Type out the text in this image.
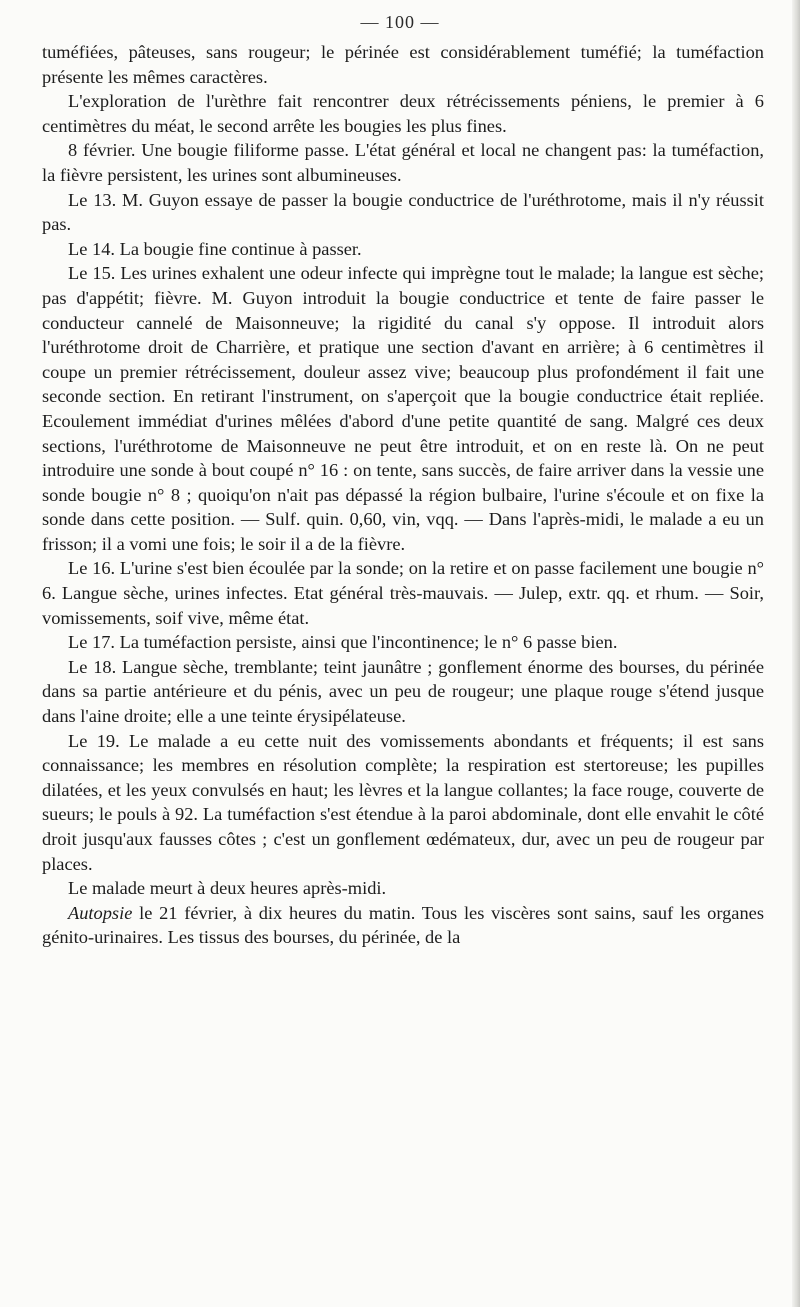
— 100 —

tuméfiées, pâteuses, sans rougeur; le périnée est considérablement tuméfié; la tuméfaction présente les mêmes caractères.

L'exploration de l'urèthre fait rencontrer deux rétrécissements péniens, le premier à 6 centimètres du méat, le second arrête les bougies les plus fines.

8 février. Une bougie filiforme passe. L'état général et local ne changent pas: la tuméfaction, la fièvre persistent, les urines sont albumineuses.

Le 13. M. Guyon essaye de passer la bougie conductrice de l'uréthrotome, mais il n'y réussit pas.

Le 14. La bougie fine continue à passer.

Le 15. Les urines exhalent une odeur infecte qui imprègne tout le malade; la langue est sèche; pas d'appétit; fièvre. M. Guyon introduit la bougie conductrice et tente de faire passer le conducteur cannelé de Maisonneuve; la rigidité du canal s'y oppose. Il introduit alors l'uréthrotome droit de Charrière, et pratique une section d'avant en arrière; à 6 centimètres il coupe un premier rétrécissement, douleur assez vive; beaucoup plus profondément il fait une seconde section. En retirant l'instrument, on s'aperçoit que la bougie conductrice était repliée. Ecoulement immédiat d'urines mêlées d'abord d'une petite quantité de sang. Malgré ces deux sections, l'uréthrotome de Maisonneuve ne peut être introduit, et on en reste là. On ne peut introduire une sonde à bout coupé n° 16 : on tente, sans succès, de faire arriver dans la vessie une sonde bougie n° 8 ; quoiqu'on n'ait pas dépassé la région bulbaire, l'urine s'écoule et on fixe la sonde dans cette position. — Sulf. quin. 0,60, vin, vqq. — Dans l'après-midi, le malade a eu un frisson; il a vomi une fois; le soir il a de la fièvre.

Le 16. L'urine s'est bien écoulée par la sonde; on la retire et on passe facilement une bougie n° 6. Langue sèche, urines infectes. Etat général très-mauvais. — Julep, extr. qq. et rhum. — Soir, vomissements, soif vive, même état.

Le 17. La tuméfaction persiste, ainsi que l'incontinence; le n° 6 passe bien.

Le 18. Langue sèche, tremblante; teint jaunâtre ; gonflement énorme des bourses, du périnée dans sa partie antérieure et du pénis, avec un peu de rougeur; une plaque rouge s'étend jusque dans l'aine droite; elle a une teinte érysipélateuse.

Le 19. Le malade a eu cette nuit des vomissements abondants et fréquents; il est sans connaissance; les membres en résolution complète; la respiration est stertoreuse; les pupilles dilatées, et les yeux convulsés en haut; les lèvres et la langue collantes; la face rouge, couverte de sueurs; le pouls à 92. La tuméfaction s'est étendue à la paroi abdominale, dont elle envahit le côté droit jusqu'aux fausses côtes ; c'est un gonflement œdémateux, dur, avec un peu de rougeur par places.

Le malade meurt à deux heures après-midi.

Autopsie le 21 février, à dix heures du matin. Tous les viscères sont sains, sauf les organes génito-urinaires. Les tissus des bourses, du périnée, de la
